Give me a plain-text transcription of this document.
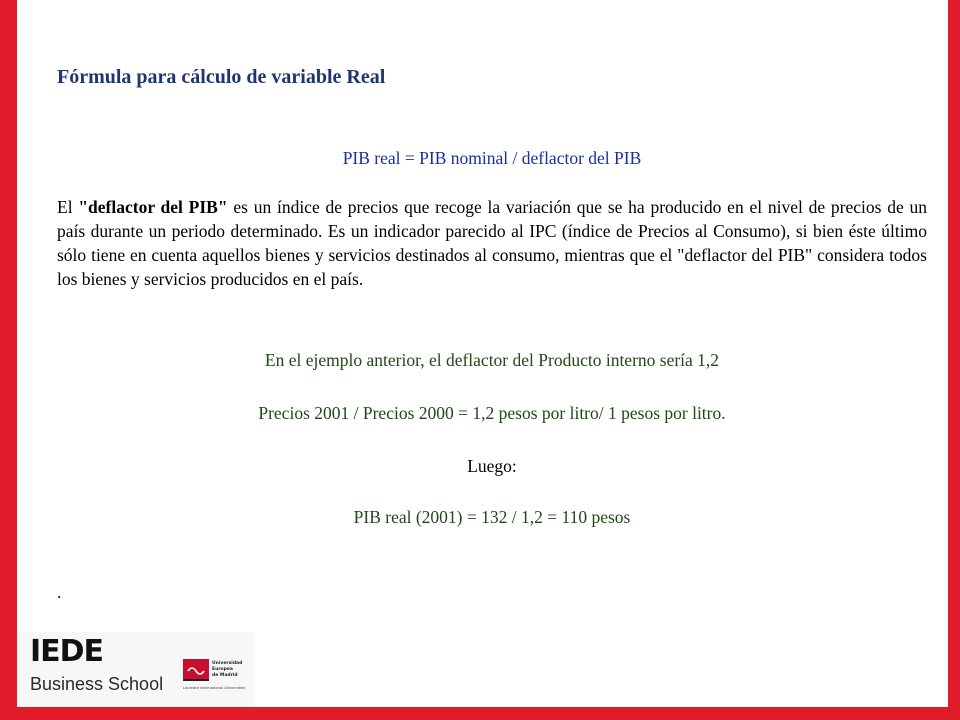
Fórmula para cálculo de variable Real
PIB real = PIB nominal / deflactor del PIB
El "deflactor del PIB" es un índice de precios que recoge la variación que se ha producido en el nivel de precios de un país durante un periodo determinado. Es un indicador parecido al IPC (índice de Precios al Consumo), si bien éste último sólo tiene en cuenta aquellos bienes y servicios destinados al consumo, mientras que el "deflactor del PIB" considera todos los bienes y servicios producidos en el país.
En el ejemplo anterior, el deflactor del Producto interno sería 1,2
Precios 2001 / Precios 2000 = 1,2 pesos por litro/ 1 pesos por litro.
Luego:
PIB real (2001) = 132 / 1,2 = 110 pesos
.
IEDE
Business School
Universidad
Europea
de Madrid
Laureate International Universities
